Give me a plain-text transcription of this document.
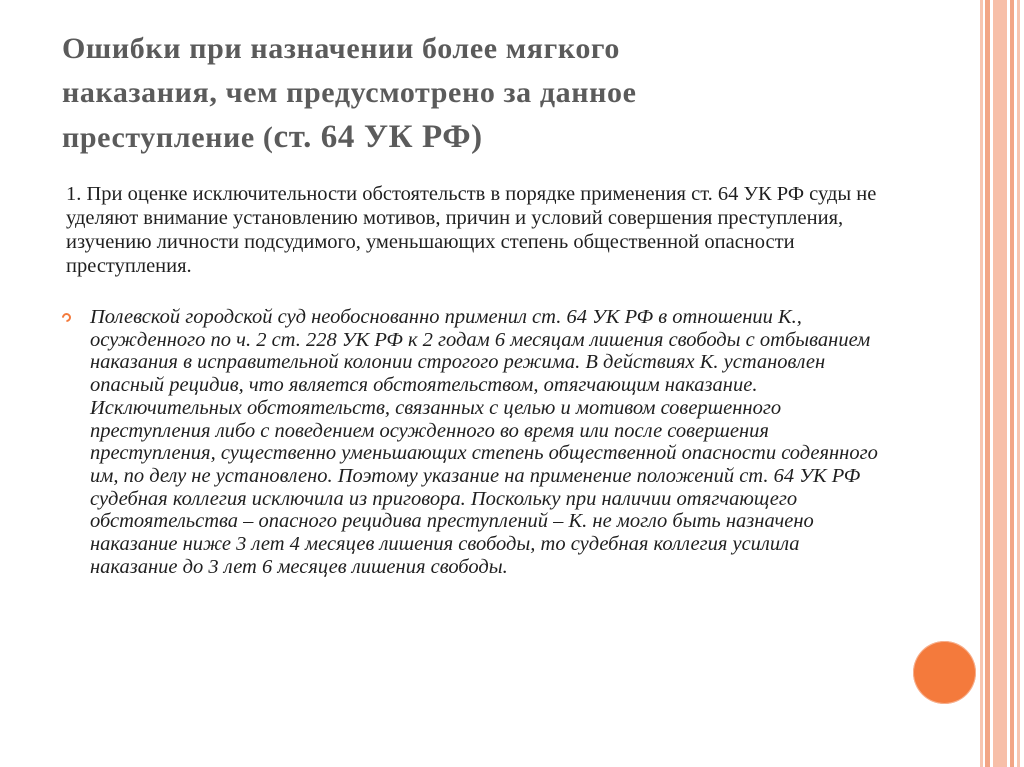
Ошибки при назначении более мягкого
наказания, чем предусмотрено за данное
преступление (ст. 64 УК РФ)

1. При оценке исключительности обстоятельств в порядке применения ст. 64 УК РФ суды не уделяют внимание установлению мотивов, причин и условий совершения преступления, изучению личности подсудимого, уменьшающих степень общественной опасности преступления.

Полевской городской суд необоснованно применил ст. 64 УК РФ в отношении К., осужденного по ч. 2 ст. 228 УК РФ к 2 годам 6 месяцам лишения свободы с отбыванием наказания в исправительной колонии строгого режима. В действиях К. установлен опасный рецидив, что является обстоятельством, отягчающим наказание. Исключительных обстоятельств, связанных с целью и мотивом совершенного преступления либо с поведением осужденного во время или после совершения преступления, существенно уменьшающих степень общественной опасности содеянного им, по делу не установлено. Поэтому указание на применение положений ст. 64 УК РФ судебная коллегия исключила из приговора. Поскольку при наличии отягчающего обстоятельства – опасного рецидива преступлений – К. не могло быть назначено наказание ниже 3 лет 4 месяцев лишения свободы, то судебная коллегия усилила наказание до 3 лет 6 месяцев лишения свободы.
